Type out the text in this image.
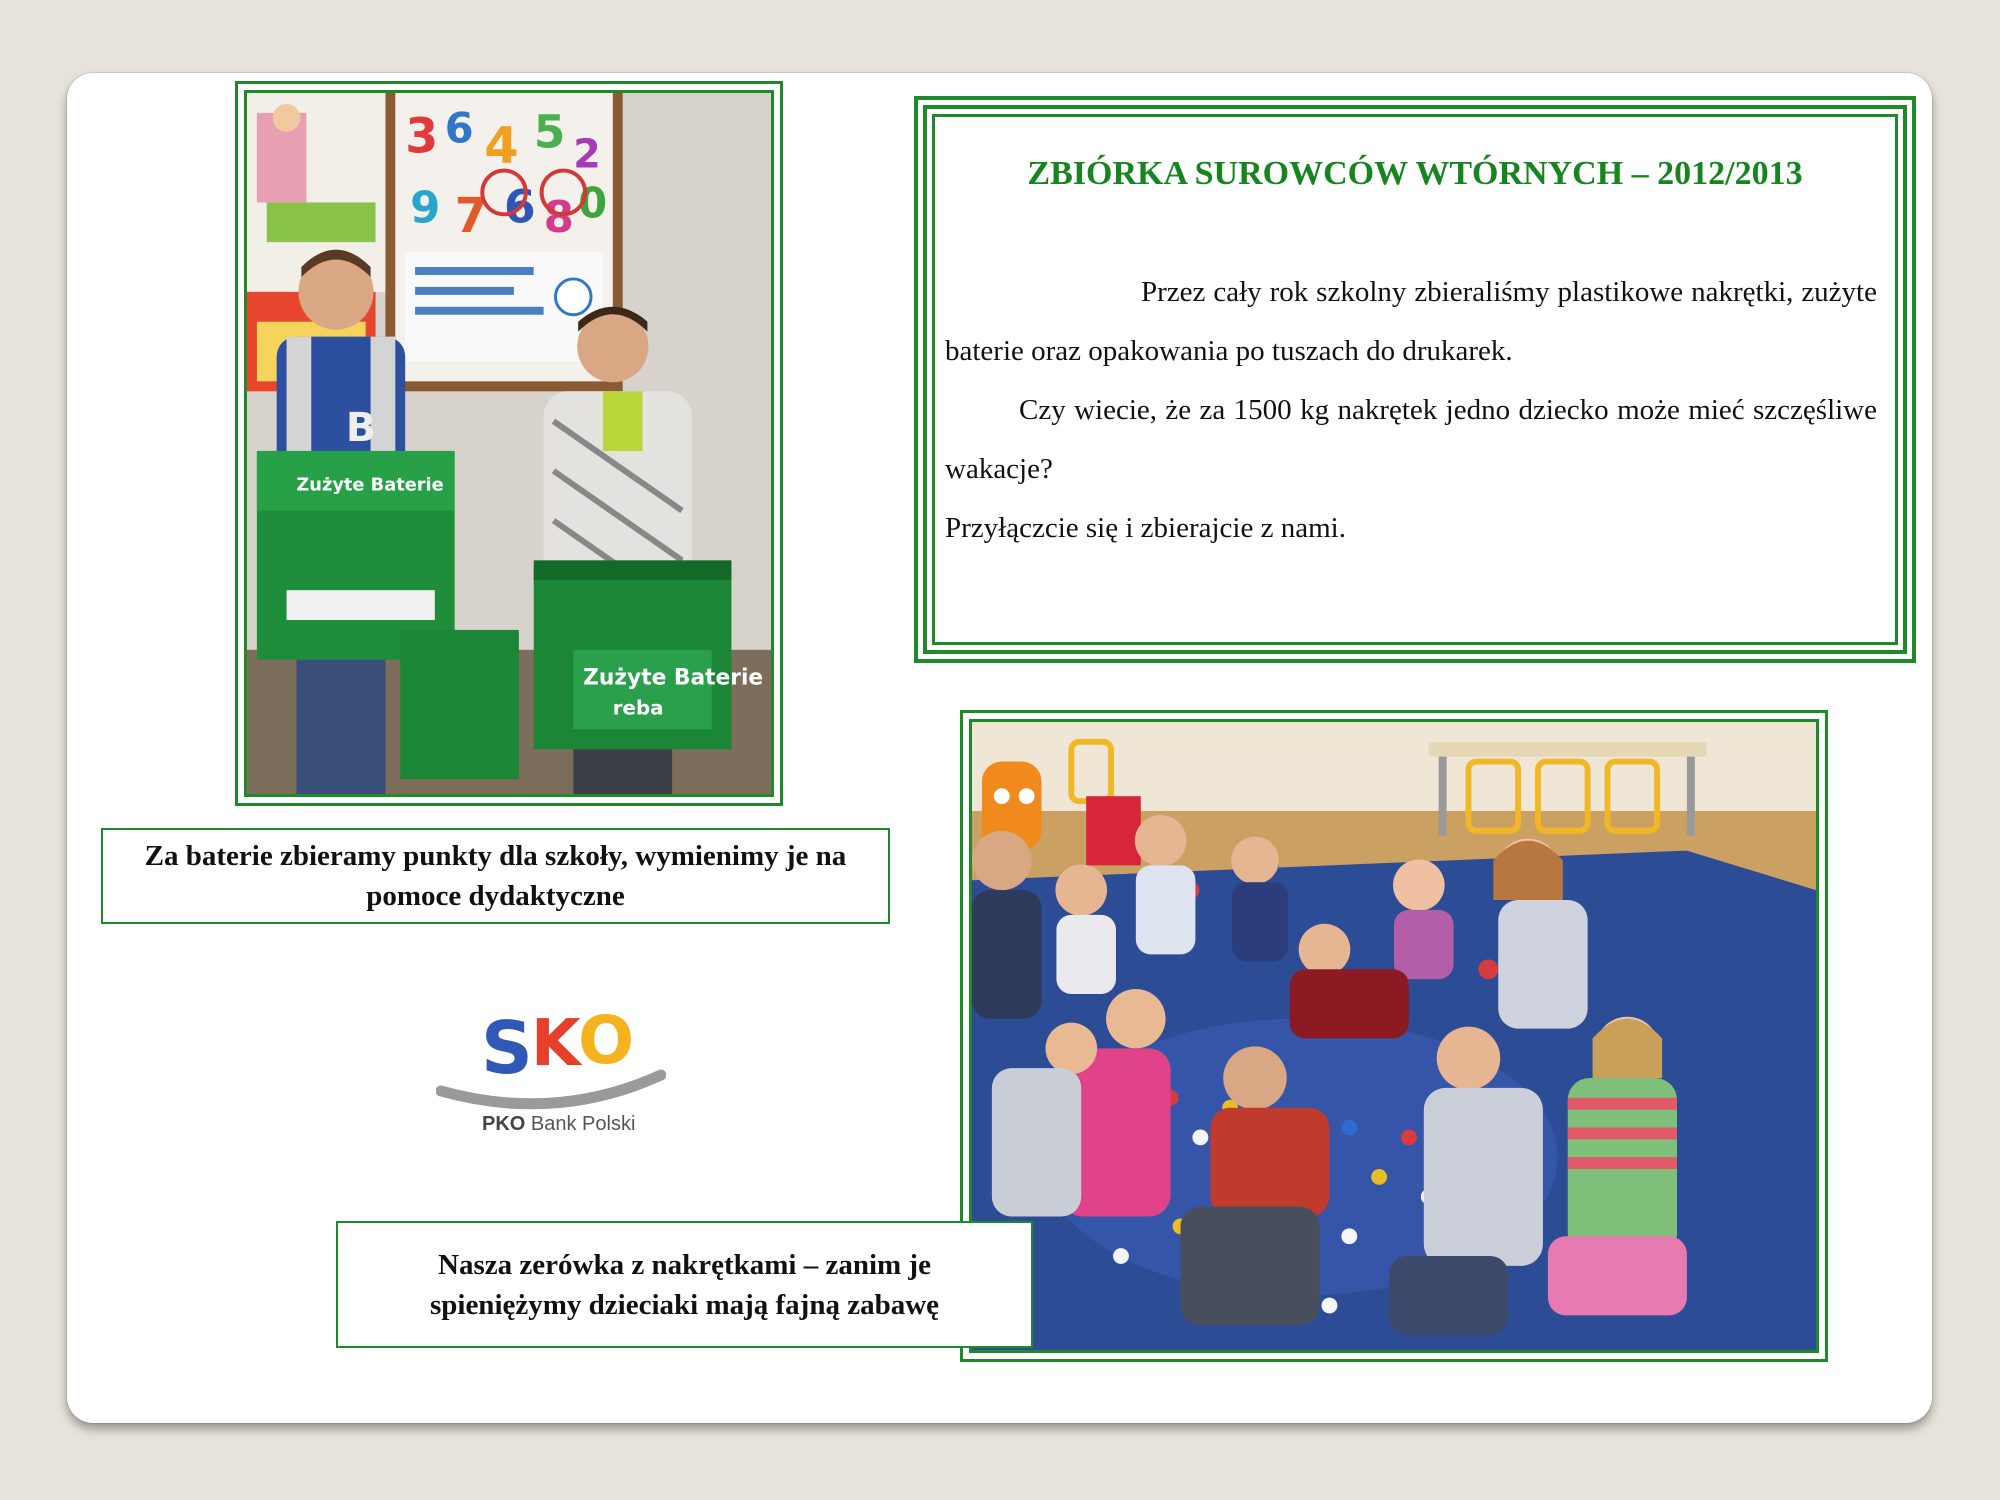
3 6 4 5 2
9 7 6 8 0
B
Zużyte Baterie
Zużyte Baterie
reba
ZBIÓRKA SUROWCÓW WTÓRNYCH – 2012/2013

Przez cały rok szkolny zbieraliśmy plastikowe nakrętki, zużyte baterie oraz opakowania po tuszach do drukarek.

Czy wiecie, że za 1500 kg nakrętek jedno dziecko może mieć szczęśliwe wakacje?

Przyłączcie się i zbierajcie z nami.

Za baterie zbieramy punkty dla szkoły, wymienimy je na pomoce dydaktyczne
S
K
O
PKO Bank Polski
Nasza zerówka z nakrętkami – zanim je spieniężymy dzieciaki mają fajną zabawę
